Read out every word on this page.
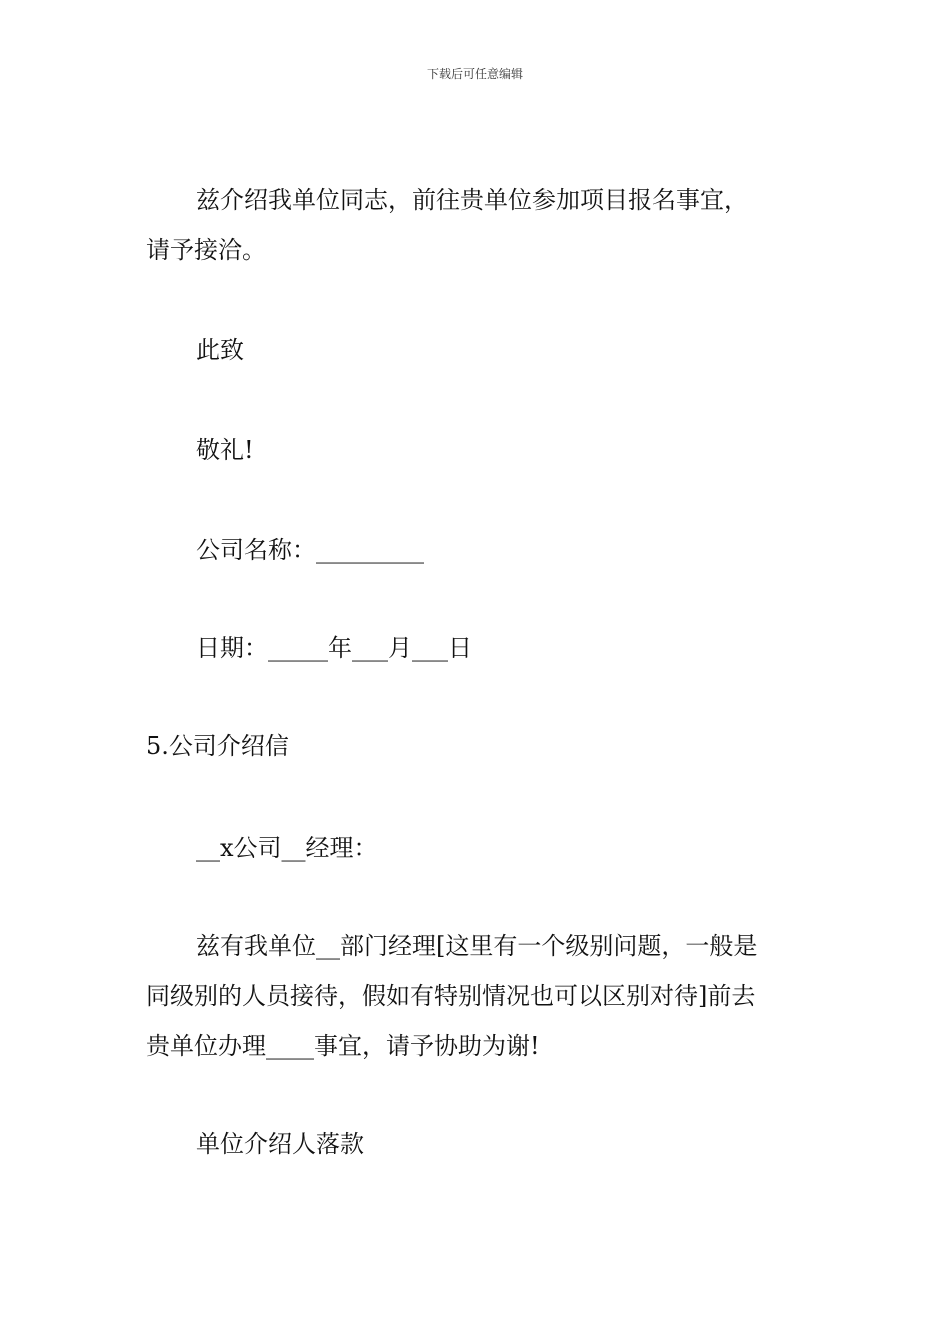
下载后可任意编辑
兹介绍我单位同志，前往贵单位参加项目报名事宜，
请予接洽。
此致
敬礼!
公司名称：_________
日期：_____年___月___日
5.公司介绍信
__x公司__经理：
兹有我单位__部门经理[这里有一个级别问题，一般是
同级别的人员接待，假如有特别情况也可以区别对待]前去
贵单位办理____事宜，请予协助为谢!
单位介绍人落款
